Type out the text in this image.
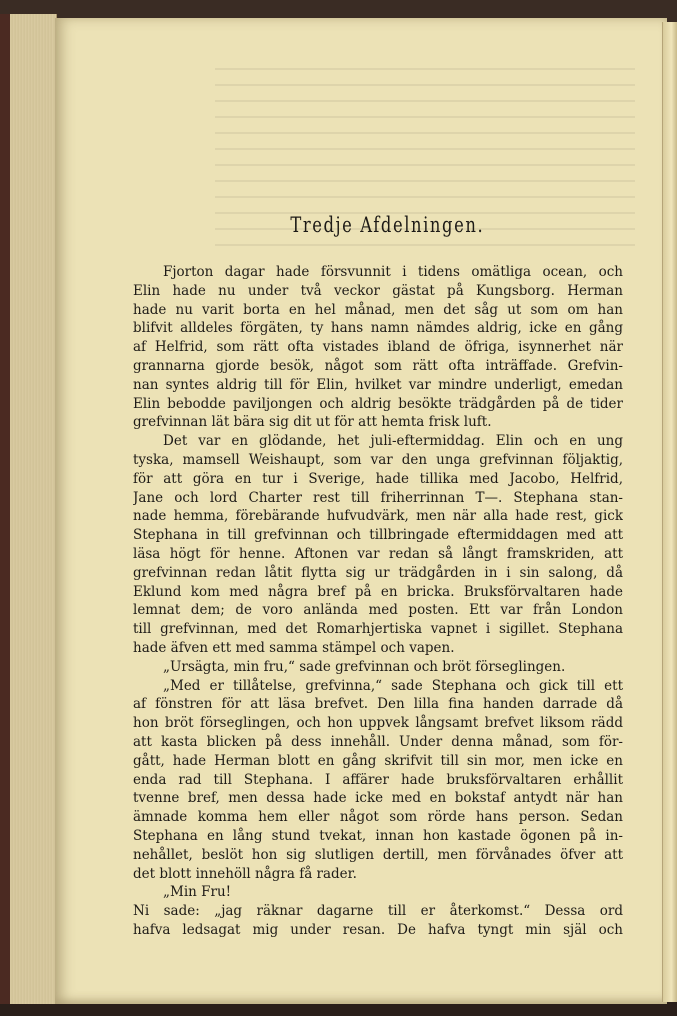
Tredje Afdelningen.
Fjorton dagar hade försvunnit i tidens omätliga ocean, och
Elin hade nu under två veckor gästat på Kungsborg. Herman
hade nu varit borta en hel månad, men det såg ut som om han
blifvit alldeles förgäten, ty hans namn nämdes aldrig, icke en gång
af Helfrid, som rätt ofta vistades ibland de öfriga, isynnerhet när
grannarna gjorde besök, något som rätt ofta inträffade. Grefvin-
nan syntes aldrig till för Elin, hvilket var mindre underligt, emedan
Elin bebodde paviljongen och aldrig besökte trädgården på de tider
grefvinnan lät bära sig dit ut för att hemta frisk luft.
Det var en glödande, het juli-eftermiddag. Elin och en ung
tyska, mamsell Weishaupt, som var den unga grefvinnan följaktig,
för att göra en tur i Sverige, hade tillika med Jacobo, Helfrid,
Jane och lord Charter rest till friherrinnan T—. Stephana stan-
nade hemma, förebärande hufvudvärk, men när alla hade rest, gick
Stephana in till grefvinnan och tillbringade eftermiddagen med att
läsa högt för henne. Aftonen var redan så långt framskriden, att
grefvinnan redan låtit flytta sig ur trädgården in i sin salong, då
Eklund kom med några bref på en bricka. Bruksförvaltaren hade
lemnat dem; de voro anlända med posten. Ett var från London
till grefvinnan, med det Romarhjertiska vapnet i sigillet. Stephana
hade äfven ett med samma stämpel och vapen.
„Ursägta, min fru,“ sade grefvinnan och bröt förseglingen.
„Med er tillåtelse, grefvinna,“ sade Stephana och gick till ett
af fönstren för att läsa brefvet. Den lilla fina handen darrade då
hon bröt förseglingen, och hon uppvek långsamt brefvet liksom rädd
att kasta blicken på dess innehåll. Under denna månad, som för-
gått, hade Herman blott en gång skrifvit till sin mor, men icke en
enda rad till Stephana. I affärer hade bruksförvaltaren erhållit
tvenne bref, men dessa hade icke med en bokstaf antydt när han
ämnade komma hem eller något som rörde hans person. Sedan
Stephana en lång stund tvekat, innan hon kastade ögonen på in-
nehållet, beslöt hon sig slutligen dertill, men förvånades öfver att
det blott innehöll några få rader.
„Min Fru!
Ni sade: „jag räknar dagarne till er återkomst.“ Dessa ord
hafva ledsagat mig under resan. De hafva tyngt min själ och
